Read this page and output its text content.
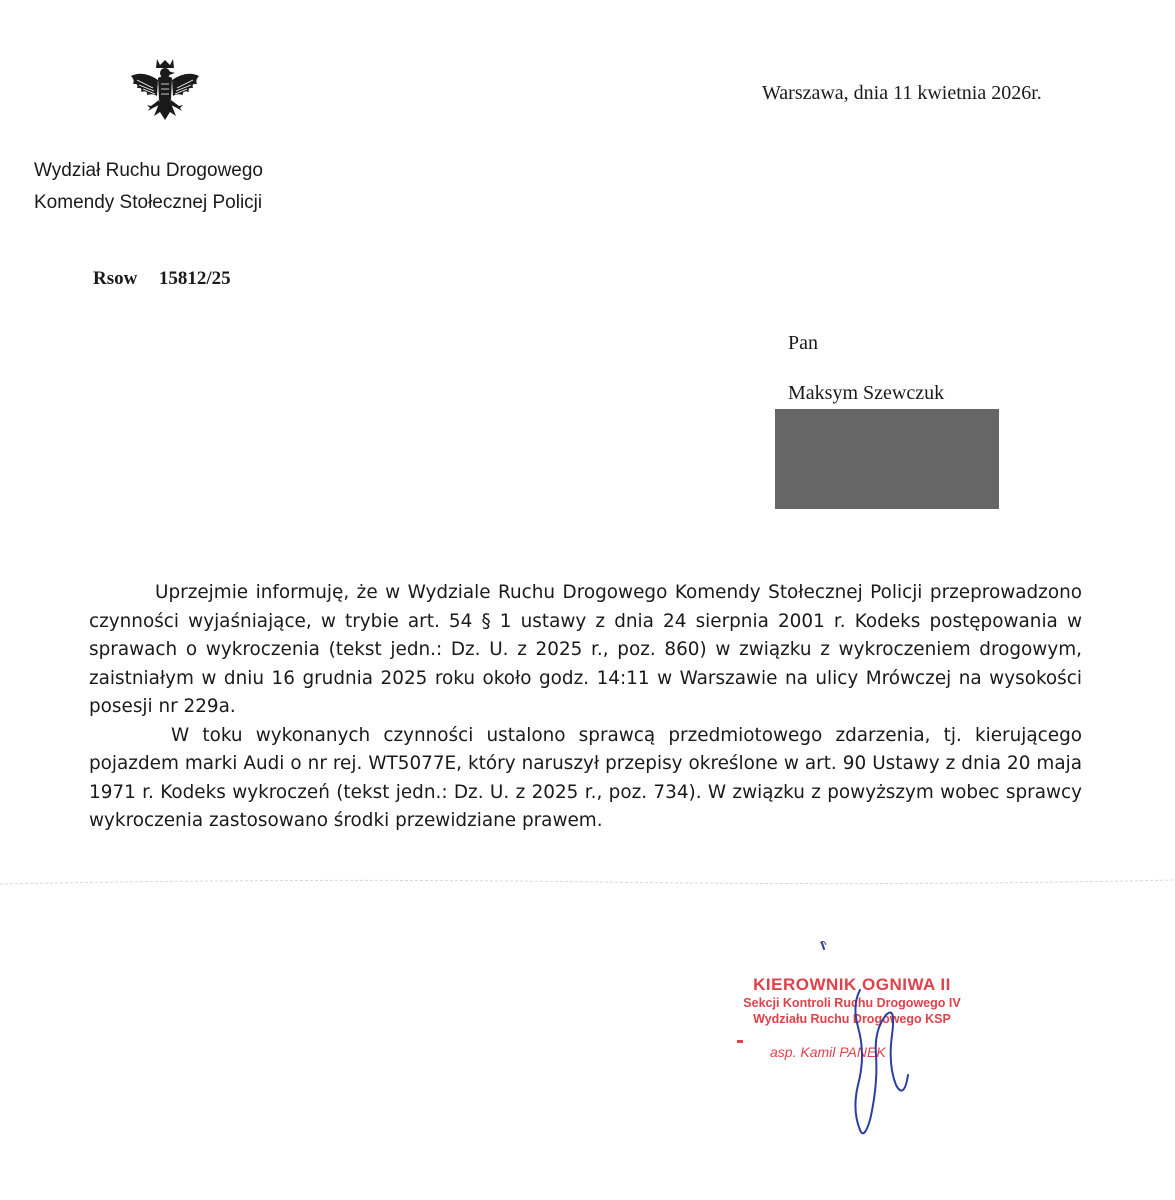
Wydział Ruchu Drogowego
Komendy Stołecznej Policji
Rsow  15812/25
Warszawa, dnia 11 kwietnia 2026r.
Pan
Maksym Szewczuk

Uprzejmie informuję, że w Wydziale Ruchu Drogowego Komendy Stołecznej Policji przeprowadzono czynności wyjaśniające, w trybie art. 54 § 1 ustawy z dnia 24 sierpnia 2001 r. Kodeks postępowania w sprawach o wykroczenia (tekst jedn.: Dz. U. z 2025 r., poz. 860) w związku z wykroczeniem drogowym, zaistniałym w dniu 16 grudnia 2025 roku około godz. 14:11 w Warszawie na ulicy Mrówczej na wysokości posesji nr 229a.

W toku wykonanych czynności ustalono sprawcą przedmiotowego zdarzenia, tj. kierującego pojazdem marki Audi o nr rej. WT5077E, który naruszył przepisy określone w art. 90 Ustawy z dnia 20 maja 1971 r. Kodeks wykroczeń (tekst jedn.: Dz. U. z 2025 r., poz. 734). W związku z powyższym wobec sprawcy wykroczenia zastosowano środki przewidziane prawem.

KIEROWNIK OGNIWA II
Sekcji Kontroli Ruchu Drogowego IV
Wydziału Ruchu Drogowego KSP
asp. Kamil PANEK
